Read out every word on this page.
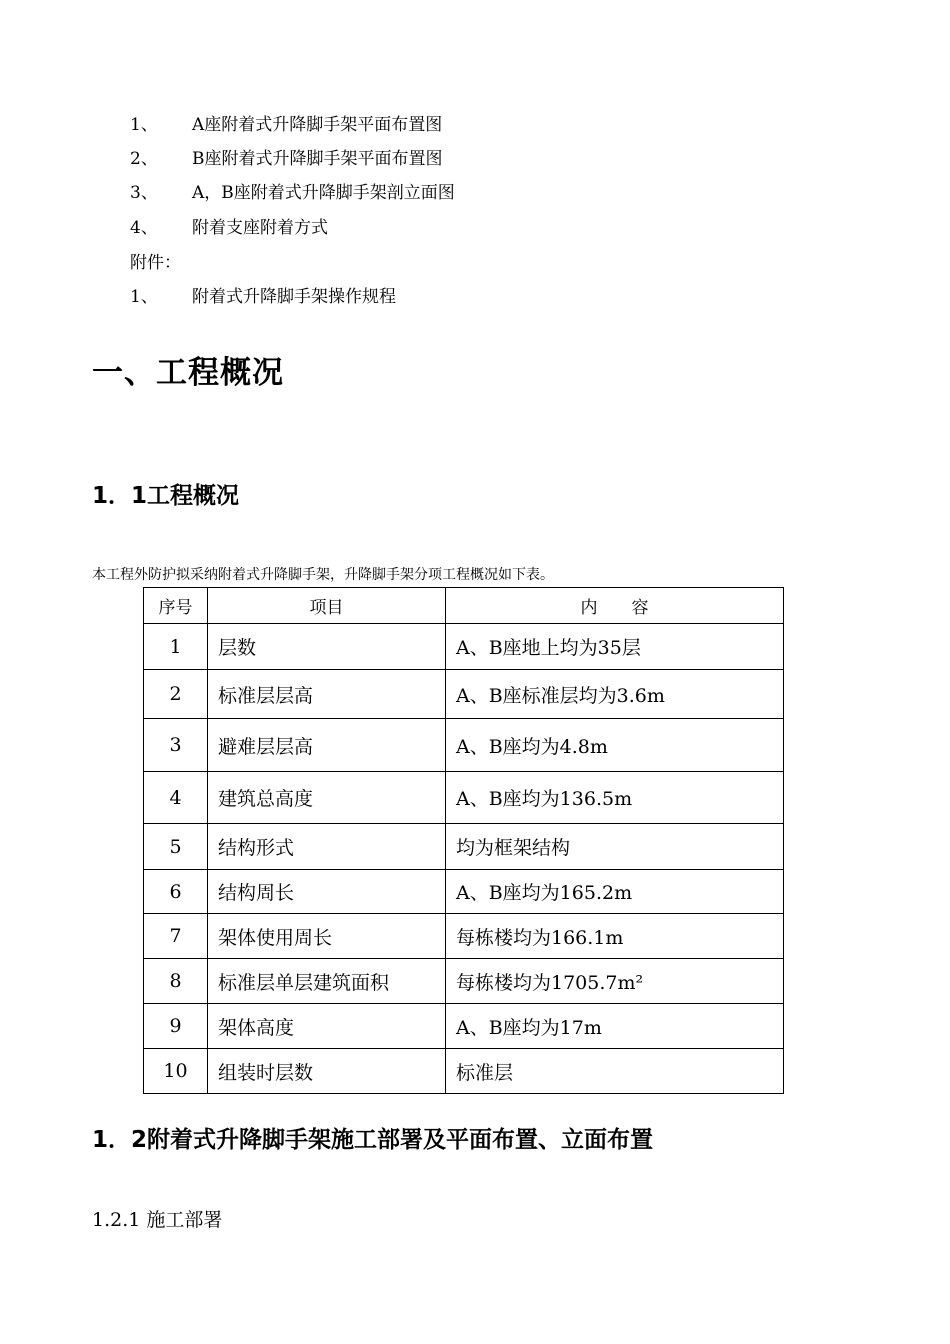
1、 A座附着式升降脚手架平面布置图
2、 B座附着式升降脚手架平面布置图
3、 A，B座附着式升降脚手架剖立面图
4、 附着支座附着方式
附件：
1、 附着式升降脚手架操作规程
一、工程概况
1．1工程概况
本工程外防护拟采纳附着式升降脚手架，升降脚手架分项工程概况如下表。
序号	项目	内　　容
1	层数	A、B座地上均为35层
2	标准层层高	A、B座标准层均为3.6m
3	避难层层高	A、B座均为4.8m
4	建筑总高度	A、B座均为136.5m
5	结构形式	均为框架结构
6	结构周长	A、B座均为165.2m
7	架体使用周长	每栋楼均为166.1m
8	标准层单层建筑面积	每栋楼均为1705.7m²
9	架体高度	A、B座均为17m
10	组装时层数	标准层
1．2附着式升降脚手架施工部署及平面布置、立面布置
1.2.1 施工部署
